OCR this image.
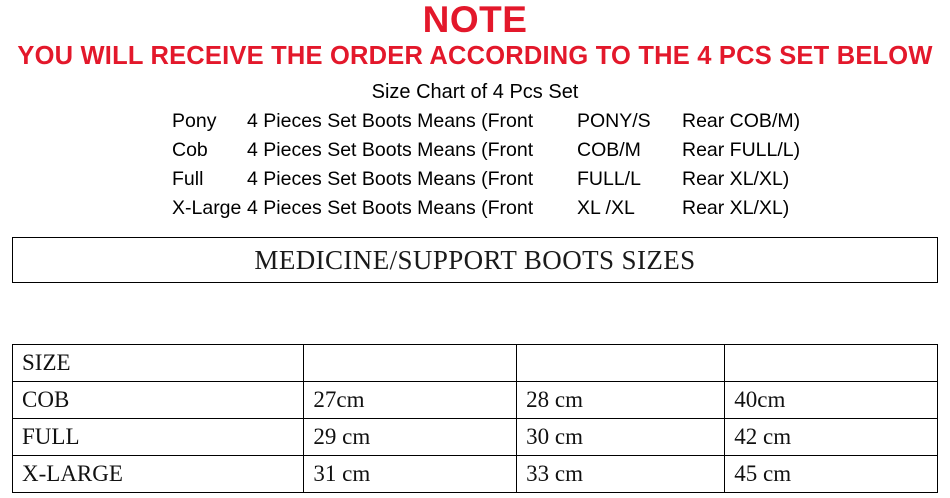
NOTE
YOU WILL RECEIVE THE ORDER ACCORDING TO THE 4 PCS SET BELOW
Size Chart of 4 Pcs Set
Pony 4 Pieces Set Boots Means (Front PONY/S Rear COB/M)
Cob 4 Pieces Set Boots Means (Front COB/M Rear FULL/L)
Full 4 Pieces Set Boots Means (Front FULL/L Rear XL/XL)
X-Large 4 Pieces Set Boots Means (Front XL /XL Rear XL/XL)
MEDICINE/SUPPORT BOOTS SIZES
SIZE			
COB	27cm	28 cm	40cm
FULL	29 cm	30 cm	42 cm
X-LARGE	31 cm	33 cm	45 cm
